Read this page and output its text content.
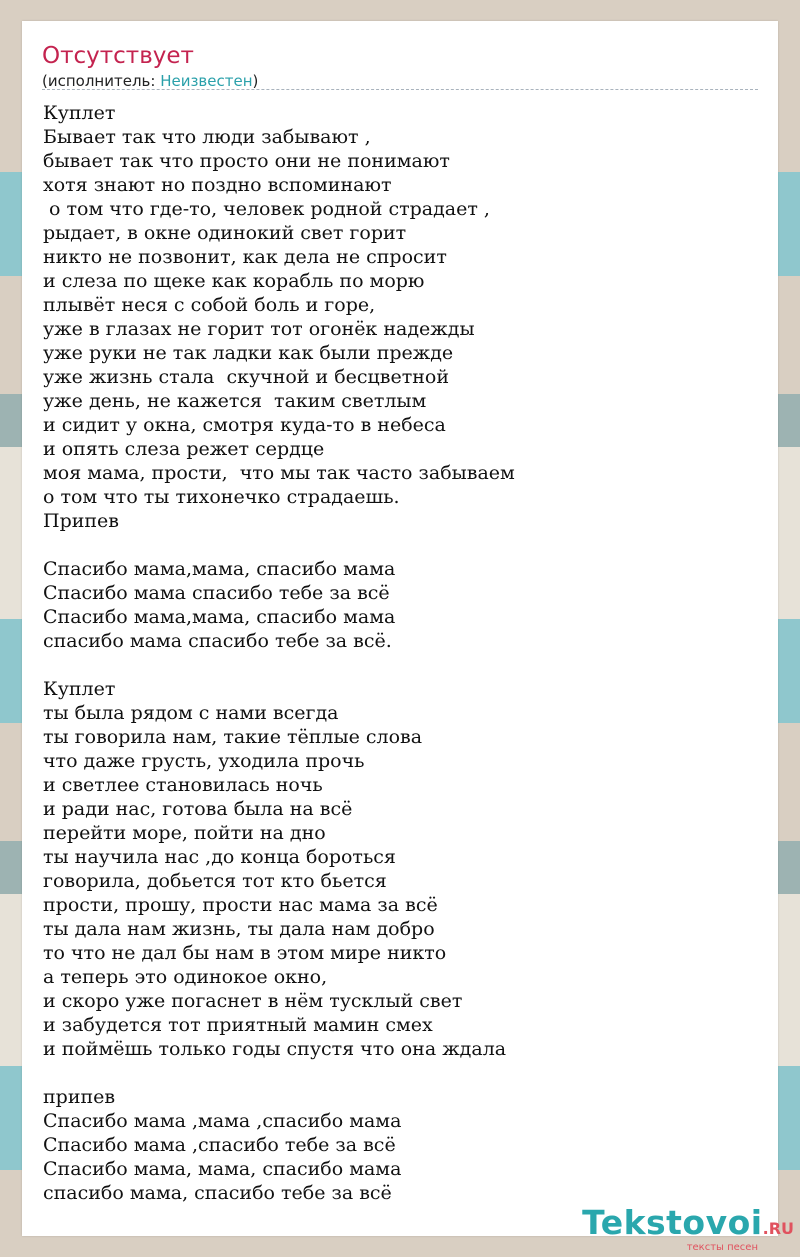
Отсутствует
(исполнитель: Неизвестен)
Куплет
Бывает так что люди забывают ,
бывает так что просто они не понимают
хотя знают но поздно вспоминают
о том что где-то, человек родной страдает ,
рыдает, в окне одинокий свет горит
никто не позвонит, как дела не спросит
и слеза по щеке как корабль по морю
плывёт неся с собой боль и горе,
уже в глазах не горит тот огонёк надежды
уже руки не так ладки как были прежде
уже жизнь стала  скучной и бесцветной
уже день, не кажется  таким светлым
и сидит у окна, смотря куда-то в небеса
и опять слеза режет сердце
моя мама, прости,  что мы так часто забываем
о том что ты тихонечко страдаешь.
Припев
Спасибо мама,мама, спасибо мама
Спасибо мама спасибо тебе за всё
Спасибо мама,мама, спасибо мама
спасибо мама спасибо тебе за всё.
Куплет
ты была рядом с нами всегда
ты говорила нам, такие тёплые слова
что даже грусть, уходила прочь
и светлее становилась ночь
и ради нас, готова была на всё
перейти море, пойти на дно
ты научила нас ,до конца бороться
говорила, добьется тот кто бьется
прости, прошу, прости нас мама за всё
ты дала нам жизнь, ты дала нам добро
то что не дал бы нам в этом мире никто
а теперь это одинокое окно,
и скоро уже погаснет в нём тусклый свет
и забудется тот приятный мамин смех
и поймёшь только годы спустя что она ждала
припев
Спасибо мама ,мама ,спасибо мама
Спасибо мама ,спасибо тебе за всё
Спасибо мама, мама, спасибо мама
спасибо мама, спасибо тебе за всё
Tekstovoi.RU
тексты песен
